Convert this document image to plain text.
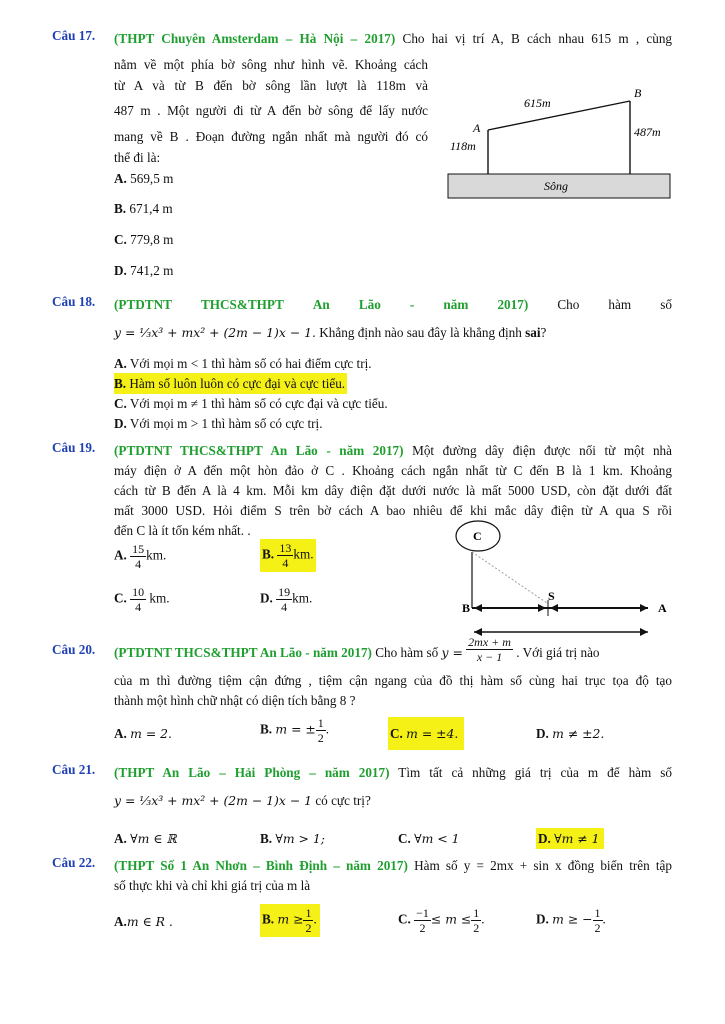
Câu 17. (THPT Chuyên Amsterdam – Hà Nội – 2017) Cho hai vị trí A, B cách nhau 615 m , cùng
nằm về một phía bờ sông như hình vẽ. Khoảng cách
từ A và từ B đến bờ sông lần lượt là 118m và
487 m . Một người đi từ A đến bờ sông để lấy nước
mang về B . Đoạn đường ngắn nhất mà người đó có
thể đi là:
A. 569,5 m
B. 671,4 m
C. 779,8 m
D. 741,2 m
615m
A
B
118m
487m
Sông
Câu 18. (PTDTNT THCS&THPT An Lão - năm 2017) Cho hàm số
y = ⅓x³ + mx² + (2m − 1)x − 1. Khẳng định nào sau đây là khẳng định sai?
A. Với mọi m < 1 thì hàm số có hai điểm cực trị.
B. Hàm số luôn luôn có cực đại và cực tiểu.
C. Với mọi m ≠ 1 thì hàm số có cực đại và cực tiểu.
D. Với mọi m > 1 thì hàm số có cực trị.
Câu 19. (PTDTNT THCS&THPT An Lão - năm 2017) Một đường dây điện được nối từ một nhà
máy điện ở A đến một hòn đảo ở C . Khoảng cách ngắn nhất từ C đến B là 1 km. Khoảng
cách từ B đến A là 4 km. Mỗi km dây điện đặt dưới nước là mất 5000 USD, còn đặt dưới đất
mất 3000 USD. Hỏi điểm S trên bờ cách A bao nhiêu để khi mắc dây điện từ A qua S rồi
đến C là ít tốn kém nhất. .
A. $\frac{15}{4}$ km.	B. $\frac{13}{4}$ km.
C. $\frac{10}{4}$ km.	D. $\frac{19}{4}$ km.
C
B
S
A
Câu 20. (PTDTNT THCS&THPT An Lão - năm 2017) Cho hàm số $y = \frac{2mx + m}{x - 1}$ . Với giá trị nào
của m thì đường tiệm cận đứng , tiệm cận ngang của đồ thị hàm số cùng hai trục tọa độ tạo
thành một hình chữ nhật có diện tích bằng 8 ?
A. m = 2.	B. m = ± $\frac{1}{2}$ .	C. m = ±4.	D. m ≠ ±2.
Câu 21. (THPT An Lão – Hải Phòng – năm 2017) Tìm tất cả những giá trị của m để hàm số
y = ⅓x³ + mx² + (2m − 1)x − 1 có cực trị?
A. ∀m ∈ ℝ	B. ∀m > 1;	C. ∀m < 1	D. ∀m ≠ 1
Câu 22. (THPT Số 1 An Nhơn – Bình Định – năm 2017) Hàm số y = 2mx + sin x đồng biến trên tập
số thực khi và chỉ khi giá trị của m là
A.m ∈ R .	B. $m \ge \frac{1}{2}$ .	C. $\frac{-1}{2} \le m \le \frac{1}{2}$ .	D. m ≥ − $\frac{1}{2}$ .
